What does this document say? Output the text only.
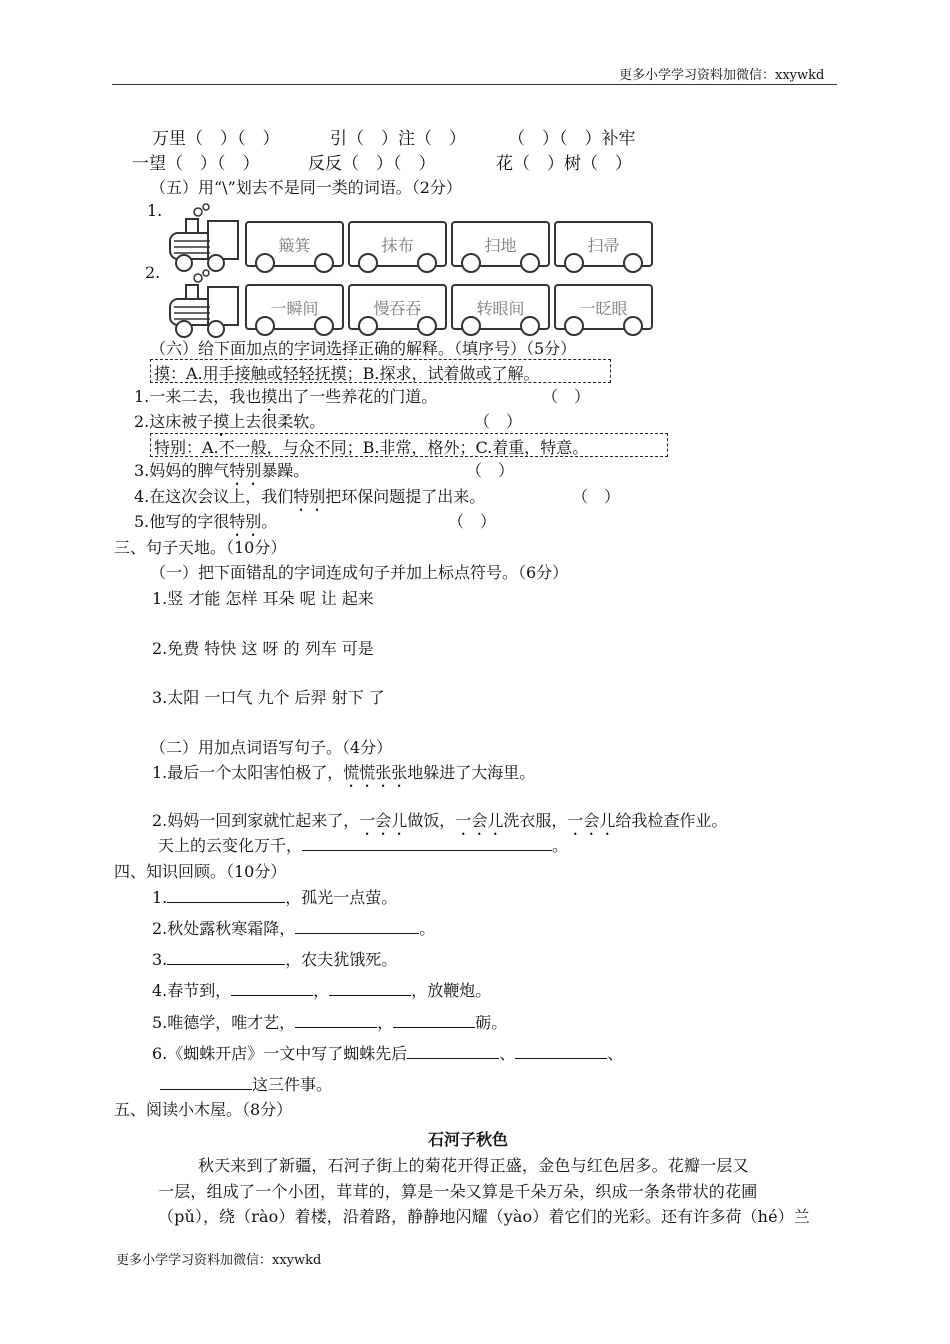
更多小学学习资料加微信：xxywkd
万里（　）（　）	引（　）注（　） （　）（　）补牢
一望（　）（　）	反反（　）（　）	花（　）树（　）
（五）用“\”划去不是同一类的词语。（2分）
1.
2.
簸箕	抹布	扫地	扫帚
一瞬间	慢吞吞	转眼间	一眨眼
（六）给下面加点的字词选择正确的解释。（填序号）（5分）
摸：A.用手接触或轻轻抚摸；B.探求，试着做或了解。
1.一来二去，我也摸出了一些养花的门道。	（　）
2.这床被子摸上去很柔软。	（　）
特别：A.不一般，与众不同；B.非常，格外；C.着重，特意。
3.妈妈的脾气特别暴躁。	（　）
4.在这次会议上，我们特别把环保问题提了出来。	（　）
5.他写的字很特别。	（　）
三、句子天地。（10分）
（一）把下面错乱的字词连成句子并加上标点符号。（6分）
1.竖 才能 怎样 耳朵 呢 让 起来
2.免费 特快 这 呀 的 列车 可是
3.太阳 一口气 九个 后羿 射下 了
（二）用加点词语写句子。（4分）
1.最后一个太阳害怕极了，慌慌张张地躲进了大海里。
2.妈妈一回到家就忙起来了，一会儿做饭，一会儿洗衣服，一会儿给我检查作业。
天上的云变化万千，	。
四、知识回顾。（10分）
1.	，孤光一点萤。
2.秋处露秋寒霜降，	。
3.	，农夫犹饿死。
4.春节到，	，	，放鞭炮。
5.唯德学，唯才艺，	，	砺。
6.《蜘蛛开店》一文中写了蜘蛛先后	、	、
这三件事。
五、阅读小木屋。（8分）
石河子秋色
秋天来到了新疆，石河子街上的菊花开得正盛，金色与红色居多。花瓣一层又
一层，组成了一个小团，茸茸的，算是一朵又算是千朵万朵，织成一条条带状的花圃
（pǔ），绕（rào）着楼，沿着路，静静地闪耀（yào）着它们的光彩。还有许多荷（hé）兰
更多小学学习资料加微信：xxywkd
